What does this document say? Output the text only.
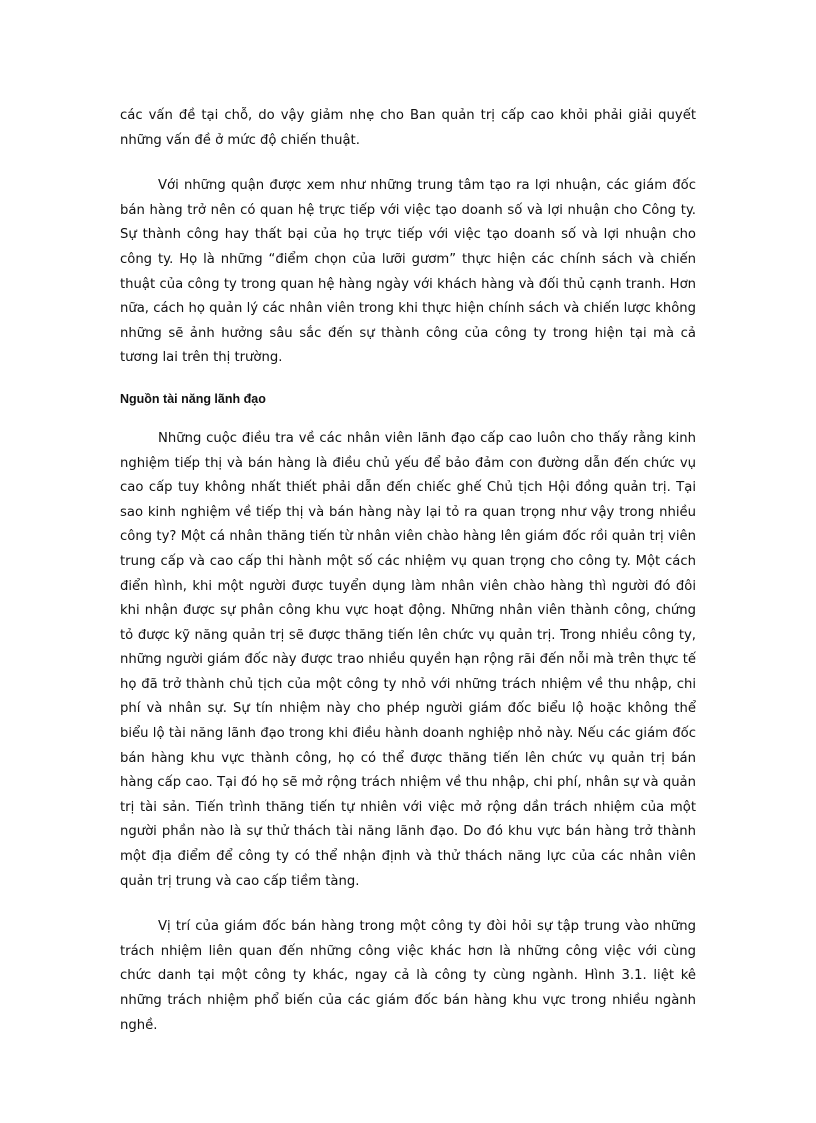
các vấn đề tại chỗ, do vậy giảm nhẹ cho Ban quản trị cấp cao khỏi phải giải quyết những vấn đề ở mức độ chiến thuật.

Với những quận được xem như những trung tâm tạo ra lợi nhuận, các giám đốc bán hàng trở nên có quan hệ trực tiếp với việc tạo doanh số và lợi nhuận cho Công ty. Sự thành công hay thất bại của họ trực tiếp với việc tạo doanh số và lợi nhuận cho công ty. Họ là những “điểm chọn của lưỡi gươm” thực hiện các chính sách và chiến thuật của công ty trong quan hệ hàng ngày với khách hàng và đối thủ cạnh tranh. Hơn nữa, cách họ quản lý các nhân viên trong khi thực hiện chính sách và chiến lược không những sẽ ảnh hưởng sâu sắc đến sự thành công của công ty trong hiện tại mà cả tương lai trên thị trường.

Nguồn tài năng lãnh đạo

Những cuộc điều tra về các nhân viên lãnh đạo cấp cao luôn cho thấy rằng kinh nghiệm tiếp thị và bán hàng là điều chủ yếu để bảo đảm con đường dẫn đến chức vụ cao cấp tuy không nhất thiết phải dẫn đến chiếc ghế Chủ tịch Hội đồng quản trị. Tại sao kinh nghiệm về tiếp thị và bán hàng này lại tỏ ra quan trọng như vậy trong nhiều công ty? Một cá nhân thăng tiến từ nhân viên chào hàng lên giám đốc rồi quản trị viên trung cấp và cao cấp thi hành một số các nhiệm vụ quan trọng cho công ty. Một cách điển hình, khi một người được tuyển dụng làm nhân viên chào hàng thì người đó đôi khi nhận được sự phân công khu vực hoạt động. Những nhân viên thành công, chứng tỏ được kỹ năng quản trị sẽ được thăng tiến lên chức vụ quản trị. Trong nhiều công ty, những người giám đốc này được trao nhiều quyền hạn rộng rãi đến nỗi mà trên thực tế họ đã trở thành chủ tịch của một công ty nhỏ với những trách nhiệm về thu nhập, chi phí và nhân sự. Sự tín nhiệm này cho phép người giám đốc biểu lộ hoặc không thể biểu lộ tài năng lãnh đạo trong khi điều hành doanh nghiệp nhỏ này. Nếu các giám đốc bán hàng khu vực thành công, họ có thể được thăng tiến lên chức vụ quản trị bán hàng cấp cao. Tại đó họ sẽ mở rộng trách nhiệm về thu nhập, chi phí, nhân sự và quản trị tài sản. Tiến trình thăng tiến tự nhiên với việc mở rộng dần trách nhiệm của một người phần nào là sự thử thách tài năng lãnh đạo. Do đó khu vực bán hàng trở thành một địa điểm để công ty có thể nhận định và thử thách năng lực của các nhân viên quản trị trung và cao cấp tiềm tàng.

Vị trí của giám đốc bán hàng trong một công ty đòi hỏi sự tập trung vào những trách nhiệm liên quan đến những công việc khác hơn là những công việc với cùng chức danh tại một công ty khác, ngay cả là công ty cùng ngành. Hình 3.1. liệt kê những trách nhiệm phổ biến của các giám đốc bán hàng khu vực trong nhiều ngành nghề.
